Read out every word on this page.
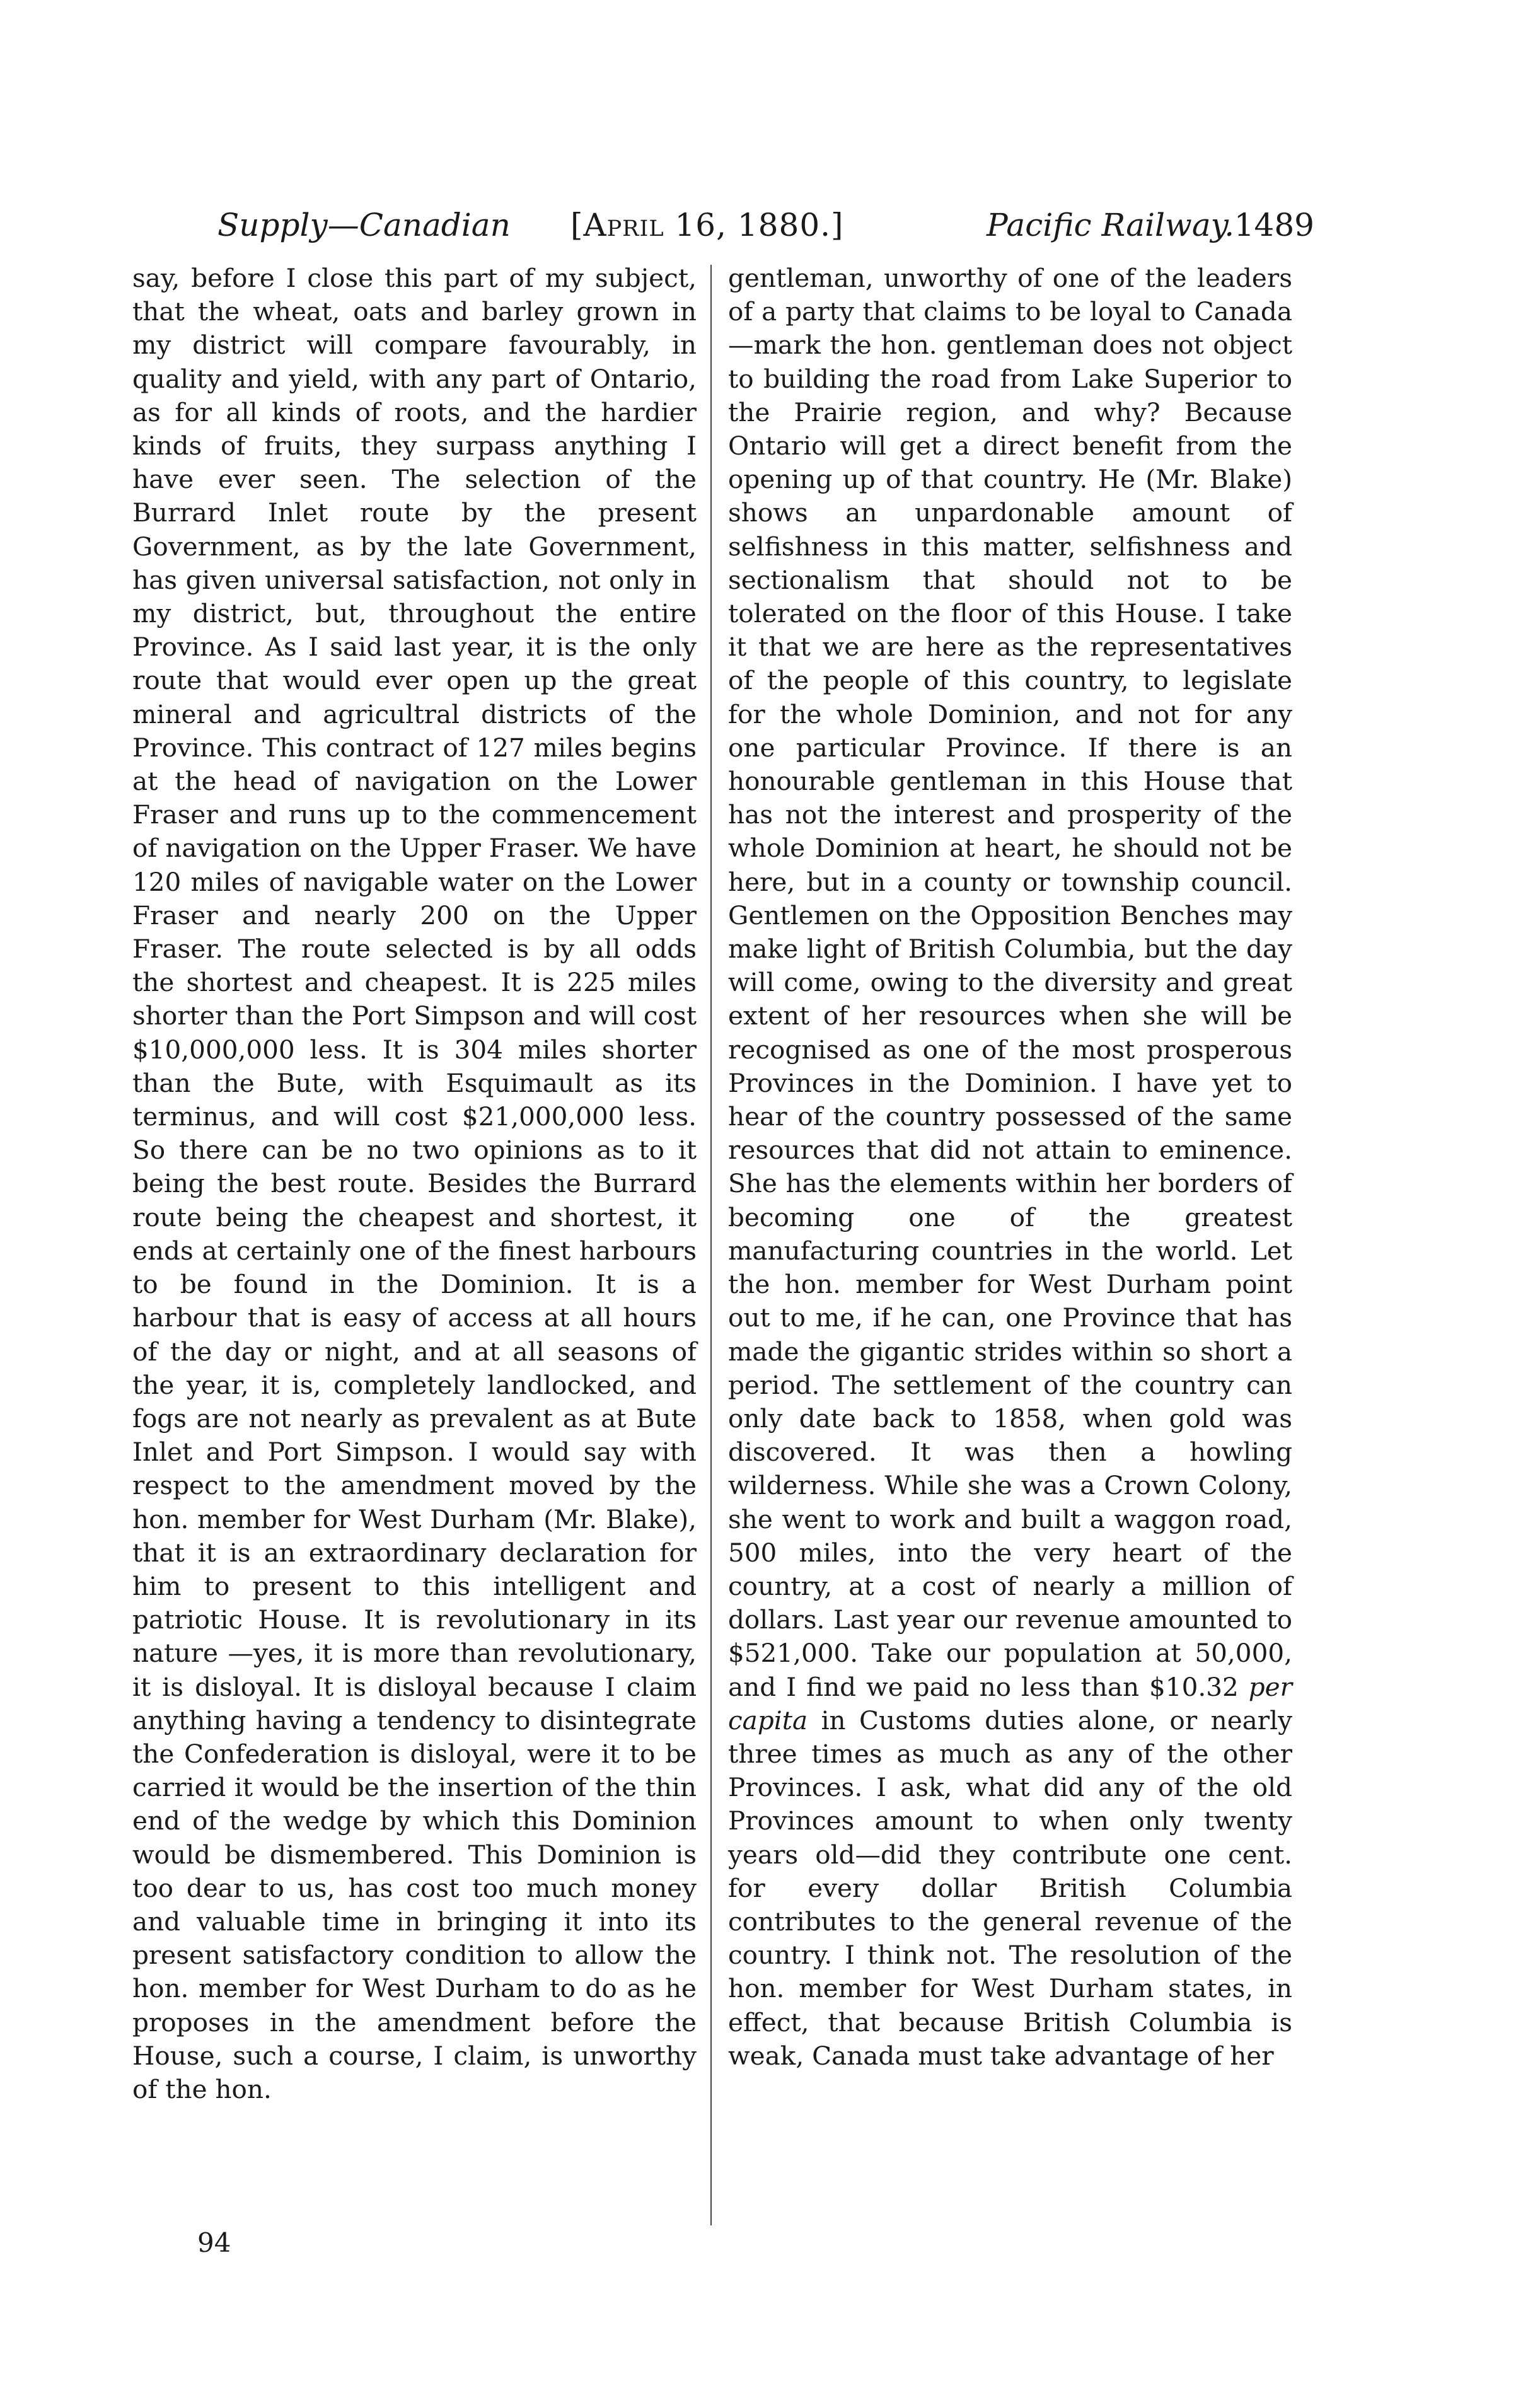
Supply—Canadian [April 16, 1880.]	Pacific Railway. 1489

say, before I close this part of my subject, that the wheat, oats and barley grown in my district will compare favourably, in quality and yield, with any part of Ontario, as for all kinds of roots, and the hardier kinds of fruits, they surpass anything I have ever seen. The selection of the Burrard Inlet route by the present Government, as by the late Government, has given universal satisfaction, not only in my district, but, throughout the entire Province. As I said last year, it is the only route that would ever open up the great mineral and agricultral districts of the Province. This contract of 127 miles begins at the head of navigation on the Lower Fraser and runs up to the commencement of navigation on the Upper Fraser. We have 120 miles of navigable water on the Lower Fraser and nearly 200 on the Upper Fraser. The route selected is by all odds the shortest and cheapest. It is 225 miles shorter than the Port Simpson and will cost $10,000,000 less. It is 304 miles shorter than the Bute, with Esquimault as its terminus, and will cost $21,000,000 less. So there can be no two opinions as to it being the best route. Besides the Burrard route being the cheapest and shortest, it ends at certainly one of the finest harbours to be found in the Dominion. It is a harbour that is easy of access at all hours of the day or night, and at all seasons of the year, it is, completely landlocked, and fogs are not nearly as prevalent as at Bute Inlet and Port Simpson. I would say with respect to the amendment moved by the hon. member for West Durham (Mr. Blake), that it is an extraordinary declaration for him to present to this intelligent and patriotic House. It is revolutionary in its nature —yes, it is more than revolutionary, it is disloyal. It is disloyal because I claim anything having a tendency to disintegrate the Confederation is disloyal, were it to be carried it would be the insertion of the thin end of the wedge by which this Dominion would be dismembered. This Dominion is too dear to us, has cost too much money and valuable time in bringing it into its present satisfactory condition to allow the hon. member for West Durham to do as he proposes in the amendment before the House, such a course, I claim, is unworthy of the hon.

gentleman, unworthy of one of the leaders of a party that claims to be loyal to Canada—mark the hon. gentleman does not object to building the road from Lake Superior to the Prairie region, and why? Because Ontario will get a direct benefit from the opening up of that country. He (Mr. Blake) shows an unpardonable amount of selfishness in this matter, selfishness and sectionalism that should not to be tolerated on the floor of this House. I take it that we are here as the representatives of the people of this country, to legislate for the whole Dominion, and not for any one particular Province. If there is an honourable gentleman in this House that has not the interest and prosperity of the whole Dominion at heart, he should not be here, but in a county or township council. Gentlemen on the Opposition Benches may make light of British Columbia, but the day will come, owing to the diversity and great extent of her resources when she will be recognised as one of the most prosperous Provinces in the Dominion. I have yet to hear of the country possessed of the same resources that did not attain to eminence. She has the elements within her borders of becoming one of the greatest manufacturing countries in the world. Let the hon. member for West Durham point out to me, if he can, one Province that has made the gigantic strides within so short a period. The settlement of the country can only date back to 1858, when gold was discovered. It was then a howling wilderness. While she was a Crown Colony, she went to work and built a waggon road, 500 miles, into the very heart of the country, at a cost of nearly a million of dollars. Last year our revenue amounted to $521,000. Take our population at 50,000, and I find we paid no less than $10.32 per capita in Customs duties alone, or nearly three times as much as any of the other Provinces. I ask, what did any of the old Provinces amount to when only twenty years old—did they contribute one cent. for every dollar British Columbia contributes to the general revenue of the country. I think not. The resolution of the hon. member for West Durham states, in effect, that because British Columbia is weak, Canada must take advantage of her

94
